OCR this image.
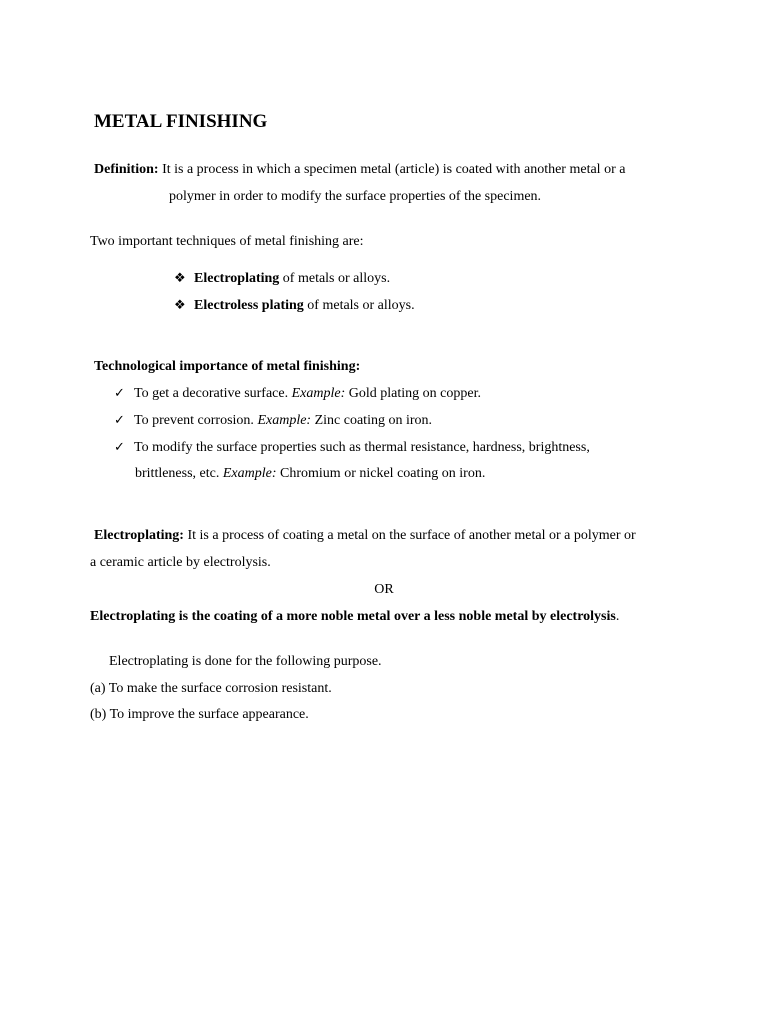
METAL FINISHING
Definition: It is a process in which a specimen metal (article) is coated with another metal or a
polymer in order to modify the surface properties of the specimen.
Two important techniques of metal finishing are:
❖ Electroplating of metals or alloys.
❖ Electroless plating of metals or alloys.
Technological importance of metal finishing:
✓ To get a decorative surface. Example: Gold plating on copper.
✓ To prevent corrosion. Example: Zinc coating on iron.
✓ To modify the surface properties such as thermal resistance, hardness, brightness,
brittleness, etc. Example: Chromium or nickel coating on iron.
Electroplating: It is a process of coating a metal on the surface of another metal or a polymer or
a ceramic article by electrolysis.
OR
Electroplating is the coating of a more noble metal over a less noble metal by electrolysis.
Electroplating is done for the following purpose.
(a) To make the surface corrosion resistant.
(b) To improve the surface appearance.
